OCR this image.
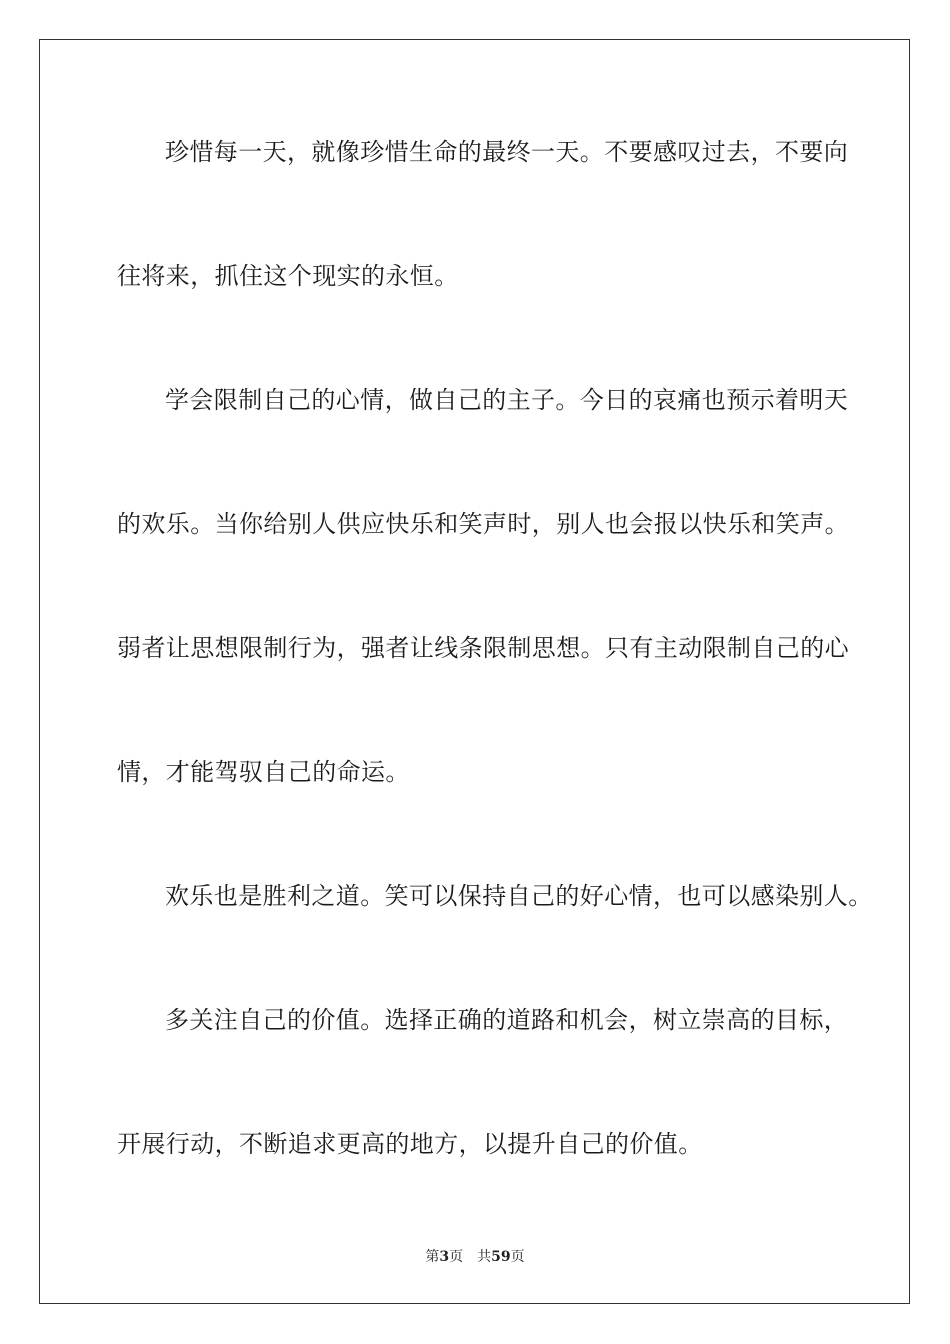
珍惜每一天，就像珍惜生命的最终一天。不要感叹过去，不要向
往将来，抓住这个现实的永恒。
学会限制自己的心情，做自己的主子。今日的哀痛也预示着明天
的欢乐。当你给别人供应快乐和笑声时，别人也会报以快乐和笑声。
弱者让思想限制行为，强者让线条限制思想。只有主动限制自己的心
情，才能驾驭自己的命运。
欢乐也是胜利之道。笑可以保持自己的好心情，也可以感染别人。
多关注自己的价值。选择正确的道路和机会，树立崇高的目标，
开展行动，不断追求更高的地方，以提升自己的价值。
第3页 共59页
